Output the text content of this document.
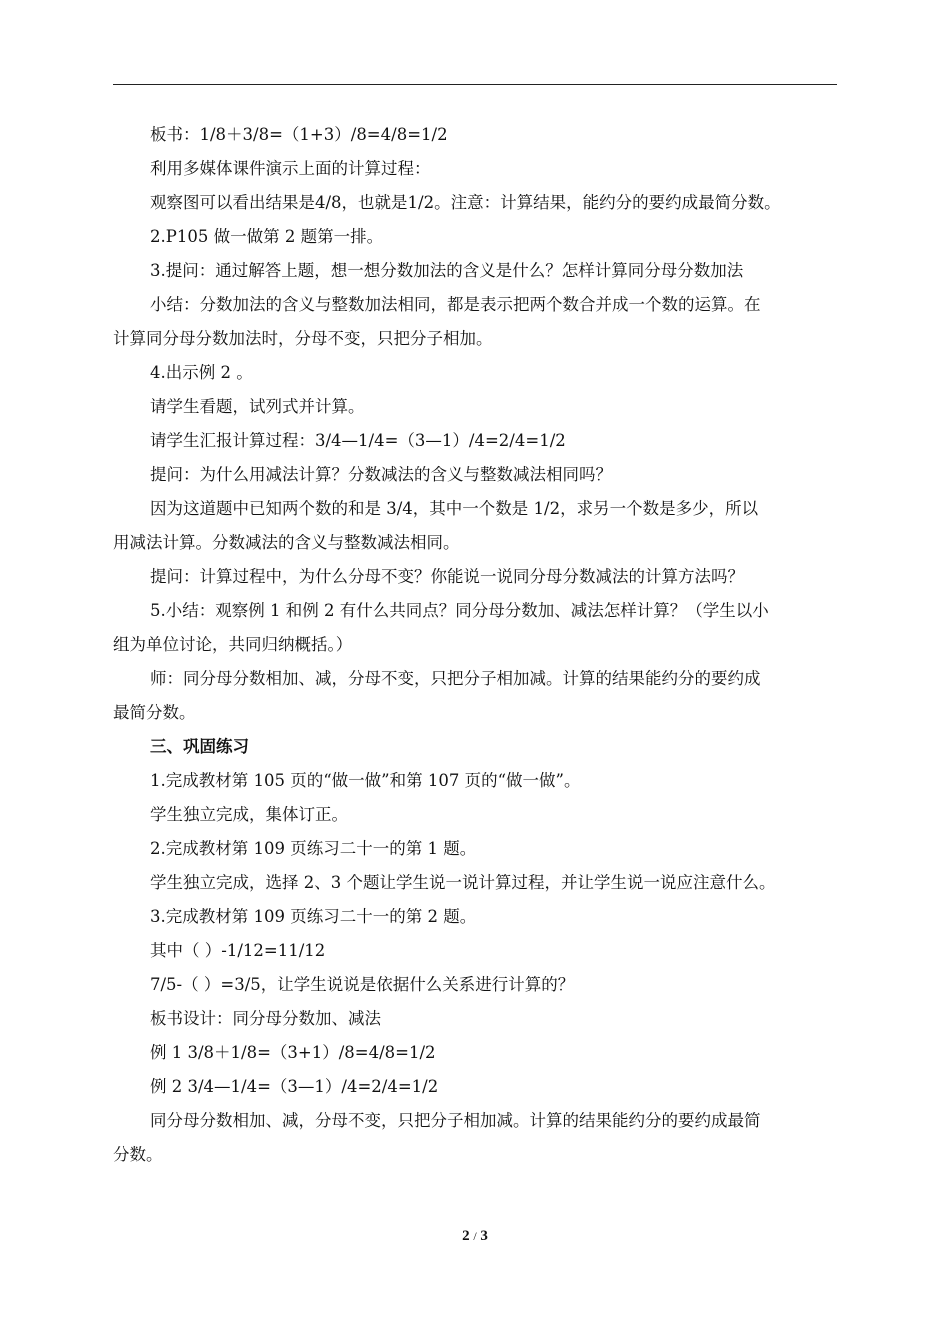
板书：1/8＋3/8=（1+3）/8=4/8=1/2
利用多媒体课件演示上面的计算过程：
观察图可以看出结果是4/8，也就是1/2。注意：计算结果，能约分的要约成最简分数。
2.P105 做一做第 2 题第一排。
3.提问：通过解答上题，想一想分数加法的含义是什么？怎样计算同分母分数加法
小结：分数加法的含义与整数加法相同，都是表示把两个数合并成一个数的运算。在
计算同分母分数加法时，分母不变，只把分子相加。
4.出示例 2 。
请学生看题，试列式并计算。
请学生汇报计算过程：3/4—1/4=（3—1）/4=2/4=1/2
提问：为什么用减法计算？分数减法的含义与整数减法相同吗？
因为这道题中已知两个数的和是 3/4，其中一个数是 1/2，求另一个数是多少，所以
用减法计算。分数减法的含义与整数减法相同。
提问：计算过程中，为什么分母不变？你能说一说同分母分数减法的计算方法吗？
5.小结：观察例 1 和例 2 有什么共同点？同分母分数加、减法怎样计算？（学生以小
组为单位讨论，共同归纳概括。）
师：同分母分数相加、减，分母不变，只把分子相加减。计算的结果能约分的要约成
最简分数。
三、巩固练习
1.完成教材第 105 页的“做一做”和第 107 页的“做一做”。
学生独立完成，集体订正。
2.完成教材第 109 页练习二十一的第 1 题。
学生独立完成，选择 2、3 个题让学生说一说计算过程，并让学生说一说应注意什么。
3.完成教材第 109 页练习二十一的第 2 题。
其中（ ）-1/12=11/12
7/5-（ ）=3/5，让学生说说是依据什么关系进行计算的？
板书设计：同分母分数加、减法
例 1 3/8＋1/8=（3+1）/8=4/8=1/2
例 2 3/4—1/4=（3—1）/4=2/4=1/2
同分母分数相加、减，分母不变，只把分子相加减。计算的结果能约分的要约成最简
分数。
2 / 3
